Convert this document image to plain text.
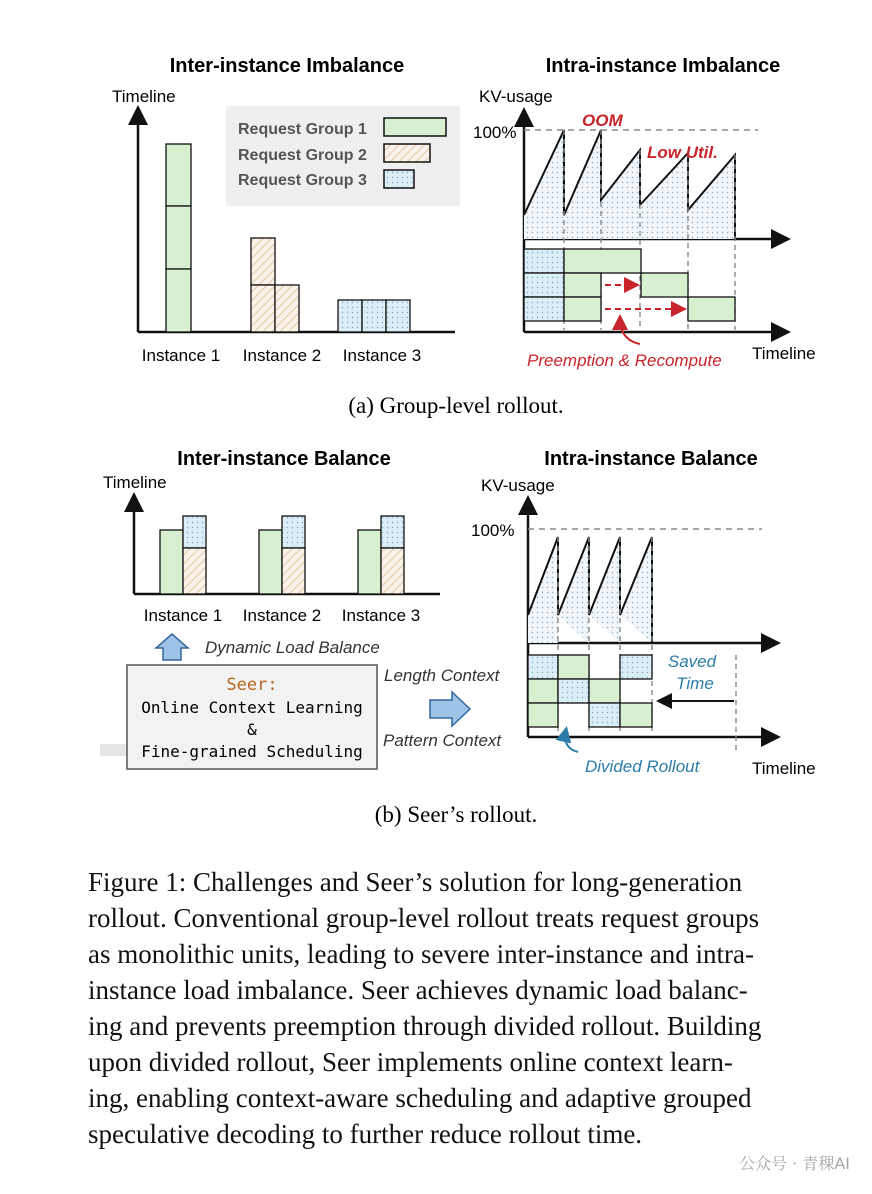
Inter-instance Imbalance	Intra-instance Imbalance
Timeline
Request Group 1
Request Group 2
Request Group 3
Instance 1 Instance 2 Instance 3
KV-usage
100%
OOM
Low Util.
Preemption & Recompute Timeline
(a) Group-level rollout.
Inter-instance Balance	Intra-instance Balance
Timeline
Instance 1 Instance 2 Instance 3
Dynamic Load Balance
Seer:
Online Context Learning
&
Fine-grained Scheduling
Length Context
Pattern Context
KV-usage
100%
Saved
Time
Divided Rollout	Timeline
(b) Seer’s rollout.
Figure 1: Challenges and Seer’s solution for long-generation
rollout. Conventional group-level rollout treats request groups
as monolithic units, leading to severe inter-instance and intra-
instance load imbalance. Seer achieves dynamic load balanc-
ing and prevents preemption through divided rollout. Building
upon divided rollout, Seer implements online context learn-
ing, enabling context-aware scheduling and adaptive grouped
speculative decoding to further reduce rollout time.
公众号 · 青稞AI
